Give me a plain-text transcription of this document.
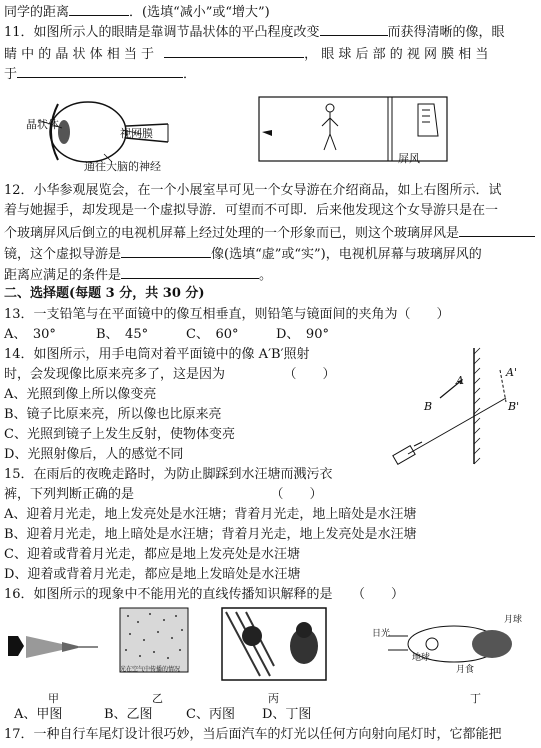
同学的距离	．(选填“减小”或“增大”)
11．如图所示人的眼睛是靠调节晶状体的平凸程度改变	而获得清晰的像，眼
睛 中 的 晶 状 体 相 当 于	， 眼 球 后 部 的 视 网 膜 相 当
于	．
晶状体
视网膜
通往大脑的神经
屏风
12．小华参观展览会，在一个小展室早可见一个女导游在介绍商品，如上右图所示．试
着与她握手，却发现是一个虚拟导游．可望而不可即．后来他发现这个女导游只是在一
个玻璃屏风后倒立的电视机屏幕上经过处理的一个形象而已，则这个玻璃屏风是
镜，这个虚拟导游是	像(选填“虚”或“实”)，电视机屏幕与玻璃屏风的
距离应满足的条件是	。
二、选择题(每题 3 分，共 30 分)
13．一支铅笔与在平面镜中的像互相垂直，则铅笔与镜面间的夹角为（　　）
A、　30°	B、　45°	C、　60°	D、　90°
14．如图所示，用手电筒对着平面镜中的像 A′B′照射
时，会发现像比原来亮多了，这是因为　　　　　（　　）
A、光照到像上所以像变亮
B、镜子比原来亮，所以像也比原来亮
C、光照到镜子上发生反射，使物体变亮
D、光照射像后，人的感觉不同
A
A'
B	B'
15．在雨后的夜晚走路时，为防止脚踩到水汪塘而溅污衣
裤，下列判断正确的是　　　　　　　　　　　（　　）
A、迎着月光走，地上发亮处是水汪塘；背着月光走，地上暗处是水汪塘
B、迎着月光走，地上暗处是水汪塘；背着月光走，地上发亮处是水汪塘
C、迎着或背着月光走，都应是地上发亮处是水汪塘
D、迎着或背着月光走，都应是地上发暗处是水汪塘
16．如图所示的现象中不能用光的直线传播知识解释的是　　（　　）
甲
光在空气中传播的情况
乙	丙
日光
地球
月球
月食
丁
A、甲图	B、乙图	C、丙图 D、丁图
17．一种自行车尾灯设计很巧妙，当后面汽车的灯光以任何方向射向尾灯时，它都能把
